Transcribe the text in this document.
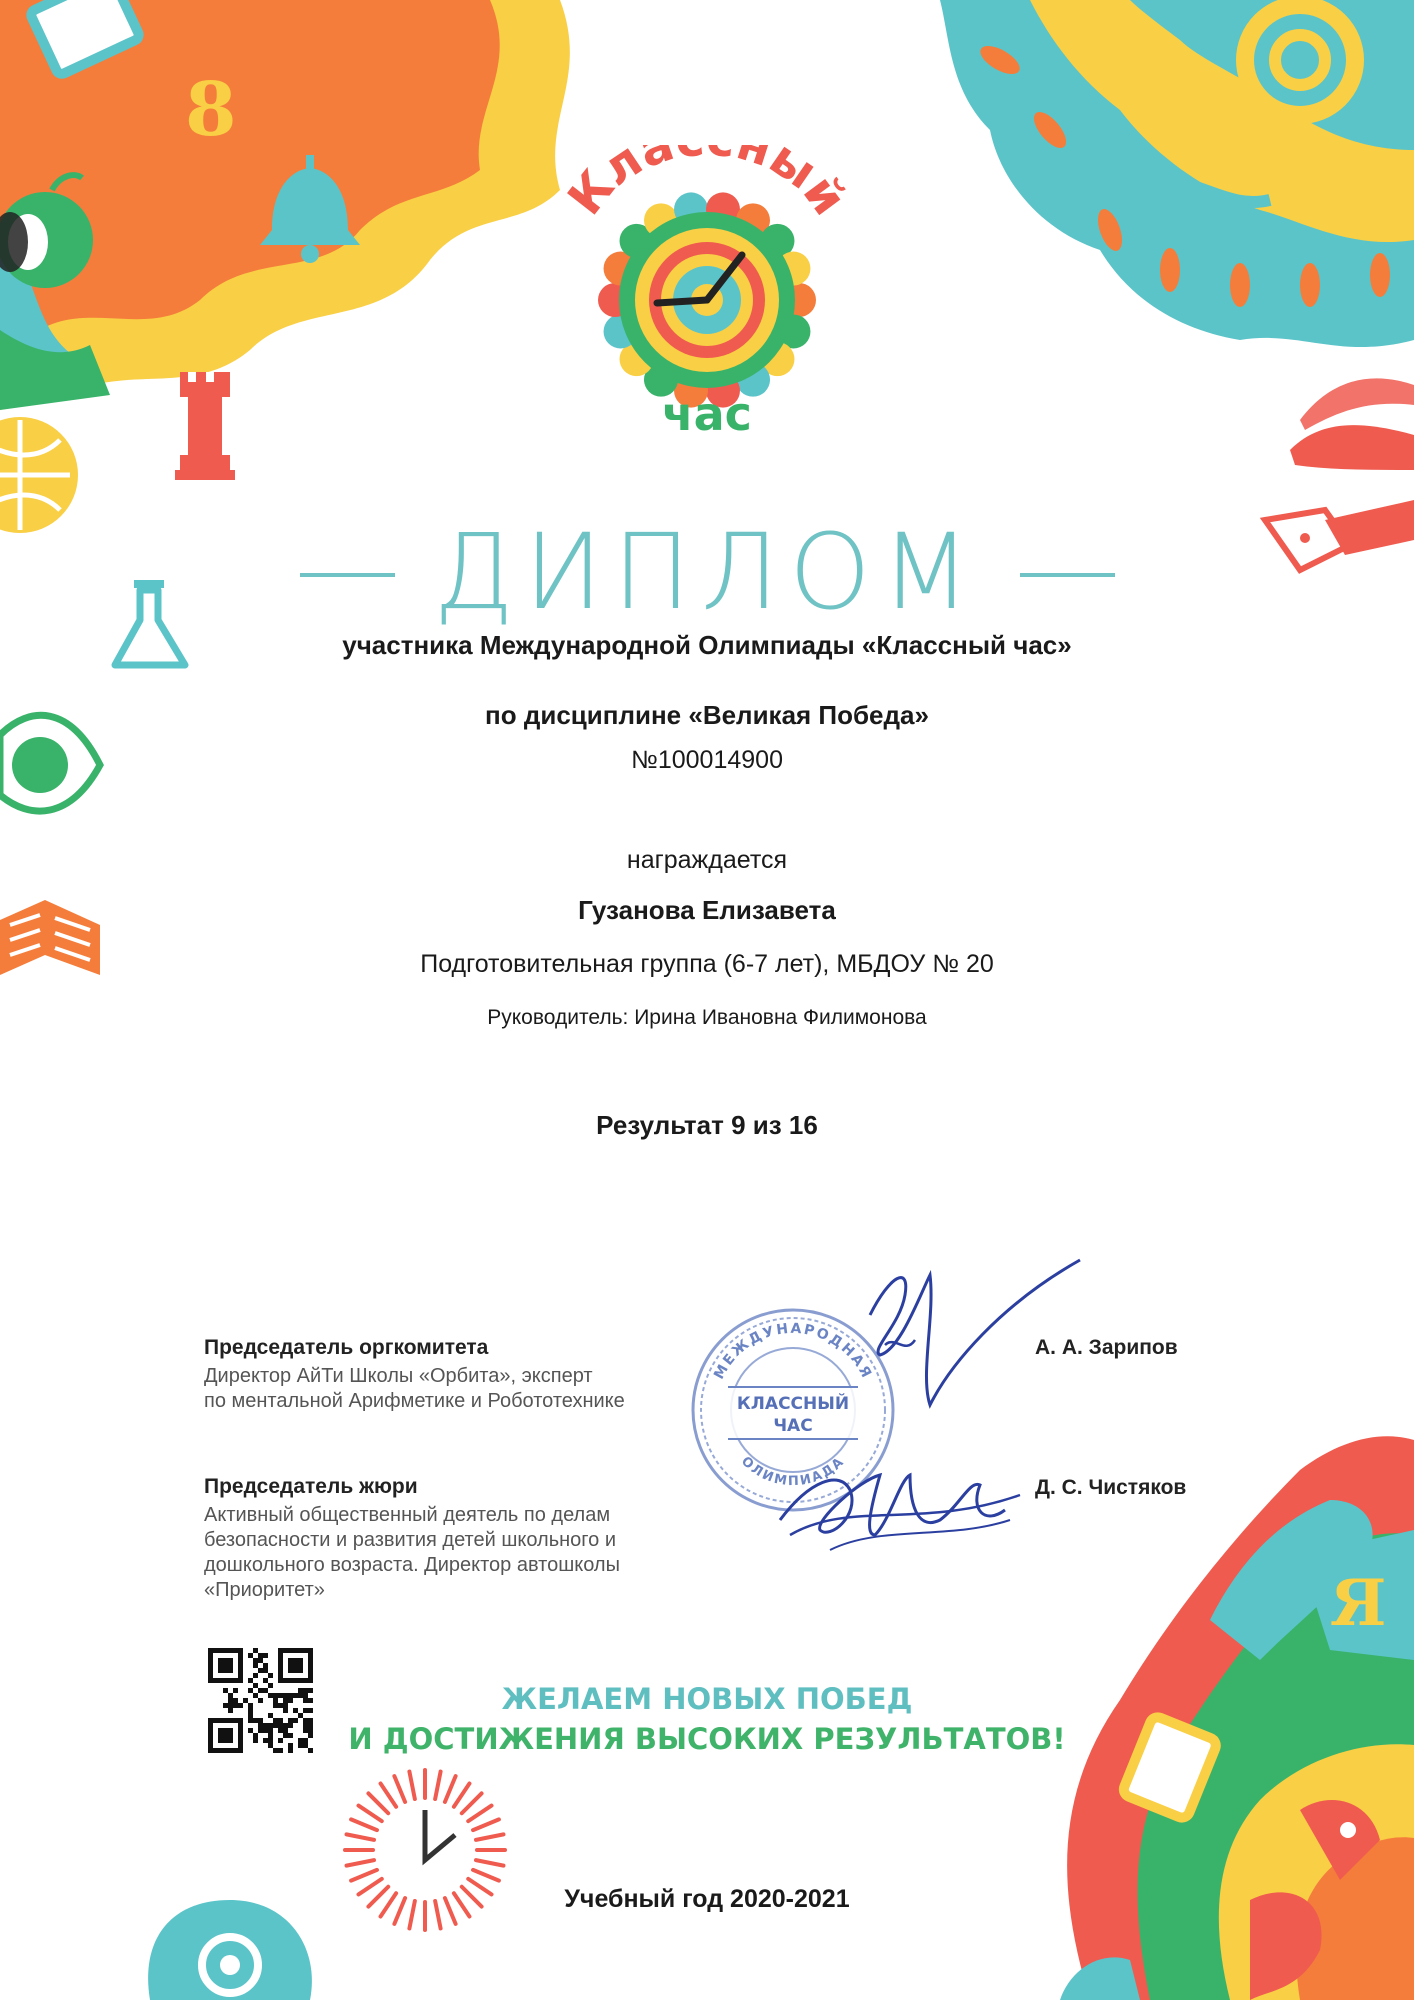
8
Я
Кла ный
час
ДИПЛОМ
участника Международной Олимпиады «Классный час»
по дисциплине «Великая Победа»
№100014900
награждается
Гузанова Елизавета
Подготовительная группа (6-7 лет), МБДОУ № 20
Руководитель: Ирина Ивановна Филимонова
Результат 9 из 16
МЕЖДУНАРОДНАЯ
ОЛИМПИАДА
КЛАССНЫЙ
ЧАС
Председатель оргкомитета
Директор АйТи Школы «Орбита», эксперт
по ментальной Арифметике и Робототехнике
А. А. Зарипов
Председатель жюри
Активный общественный деятель по делам
безопасности и развития детей школьного и
дошкольного возраста. Директор автошколы
«Приоритет»
Д. С. Чистяков
ЖЕЛАЕМ НОВЫХ ПОБЕД
И ДОСТИЖЕНИЯ ВЫСОКИХ РЕЗУЛЬТАТОВ!
Учебный год 2020-2021
